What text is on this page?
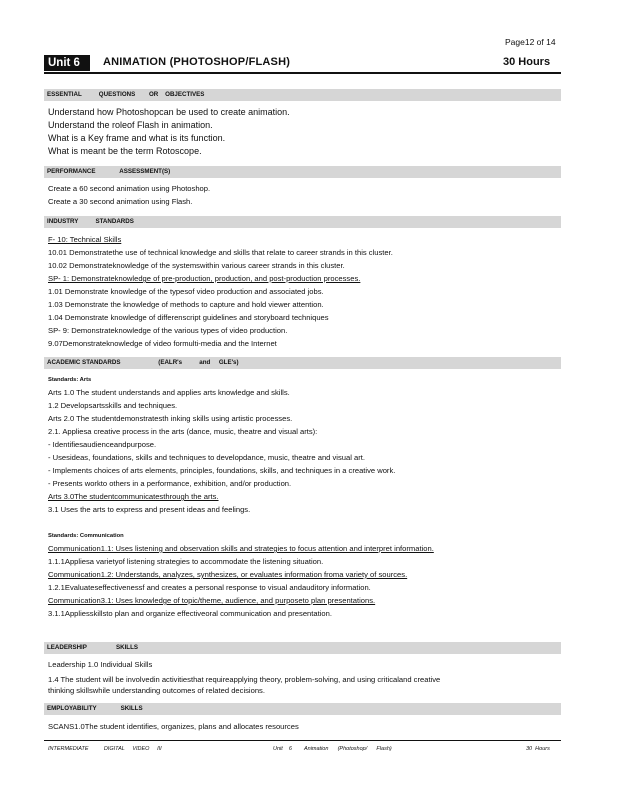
Page12 of 14
Unit 6	ANIMATION (PHOTOSHOP/FLASH)	30 Hours
ESSENTIAL          QUESTIONS        OR    OBJECTIVES
Understand how Photoshopcan be used to create animation.
Understand the roleof Flash in animation.
What is a Key frame and what is its function.
What is meant be the term Rotoscope.
PERFORMANCE              ASSESSMENT(S)
Create a 60 second animation using Photoshop.
Create a 30 second animation using Flash.
INDUSTRY          STANDARDS
F- 10: Technical Skills
10.01 Demonstratethe use of technical knowledge and skills that relate to career strands in this cluster.
10.02 Demonstrateknowledge of the systemswithin various career strands in this cluster.
SP- 1: Demonstrateknowledge of pre-production, production, and post-production processes.
1.01 Demonstrate knowledge of the typesof video production and associated jobs.
1.03 Demonstrate the knowledge of methods to capture and hold viewer attention.
1.04 Demonstrate knowledge of differenscript guidelines and storyboard techniques
SP- 9: Demonstrateknowledge of the various types of video production.
9.07Demonstrateknowledge of video formulti-media and the Internet
ACADEMIC STANDARDS                      (EALR's          and     GLE's)
Standards: Arts
Arts 1.0 The student understands and applies arts knowledge and skills.
1.2 Developsartsskills and techniques.
Arts 2.0 The studentdemonstratesth inking skills using artistic processes.
2.1. Appliesa creative process in the arts (dance, music, theatre and visual arts):
- Identifiesaudienceandpurpose.
- Usesideas, foundations, skills and techniques to developdance, music, theatre and visual art.
- Implements choices of arts elements, principles, foundations, skills, and techniques in a creative work.
- Presents workto others in a performance, exhibition, and/or production.
Arts 3.0The studentcommunicatesthrough the arts.
3.1 Uses the arts to express and present ideas and feelings.
Standards: Communication
Communication1.1: Uses listening and observation skills and strategies to focus attention and interpret information.
1.1.1Appliesa varietyof listening strategies to accommodate the listening situation.
Communication1.2: Understands, analyzes, synthesizes, or evaluates information froma variety of sources.
1.2.1Evaluateseffectivenessf and creates a personal response to visual andauditory information.
Communication3.1: Uses knowledge of topic/theme, audience, and purposeto plan presentations.
3.1.1Appliesskillsto plan and organize effectiveoral communication and presentation.
LEADERSHIP                 SKILLS
Leadership 1.0 Individual Skills
1.4 The student will be involvedin activitiesthat requireapplying theory, problem-solving, and using criticaland creative
thinking skillswhile understanding outcomes of related decisions.
EMPLOYABILITY              SKILLS
SCANS1.0The student identifies, organizes, plans and allocates resources
INTERMEDIATE          DIGITAL     VIDEO     III	Unit    6        Animation      (Photoshop/      Flash)	30  Hours
